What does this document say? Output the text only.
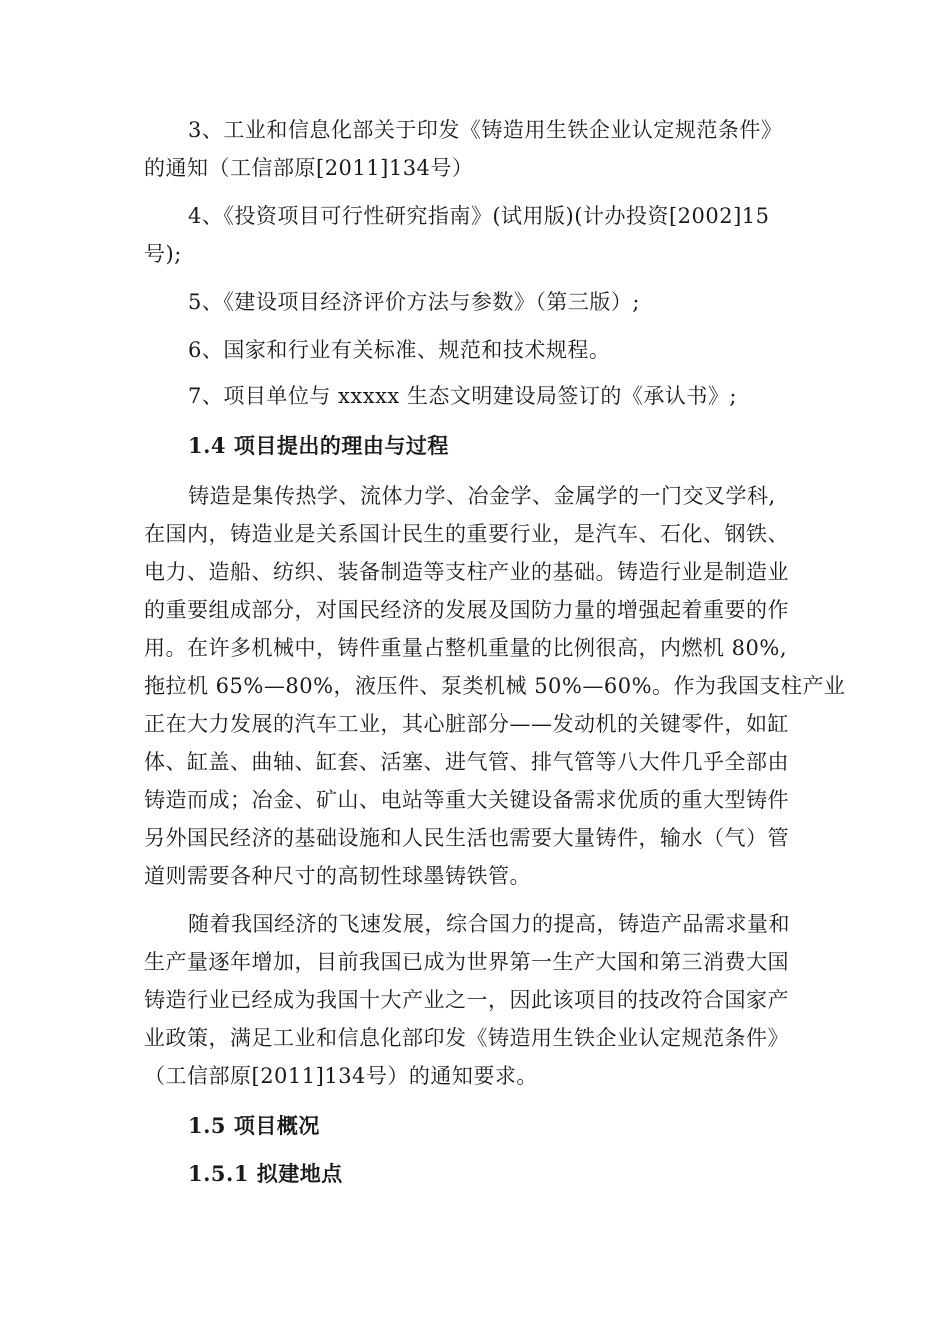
3、工业和信息化部关于印发《铸造用生铁企业认定规范条件》
的通知（工信部原[2011]134号）
4、《投资项目可行性研究指南》(试用版)(计办投资[2002]15
号);
5、《建设项目经济评价方法与参数》（第三版）;
6、国家和行业有关标准、规范和技术规程。
7、项目单位与 xxxxx 生态文明建设局签订的《承认书》;
1.4 项目提出的理由与过程
铸造是集传热学、流体力学、冶金学、金属学的一门交叉学科,
在国内，铸造业是关系国计民生的重要行业，是汽车、石化、钢铁、
电力、造船、纺织、装备制造等支柱产业的基础。铸造行业是制造业
的重要组成部分，对国民经济的发展及国防力量的增强起着重要的作
用。在许多机械中，铸件重量占整机重量的比例很高，内燃机 80%,
拖拉机 65%—80%，液压件、泵类机械 50%—60%。作为我国支柱产业
正在大力发展的汽车工业，其心脏部分——发动机的关键零件，如缸
体、缸盖、曲轴、缸套、活塞、进气管、排气管等八大件几乎全部由
铸造而成；冶金、矿山、电站等重大关键设备需求优质的重大型铸件
另外国民经济的基础设施和人民生活也需要大量铸件，输水（气）管
道则需要各种尺寸的高韧性球墨铸铁管。
随着我国经济的飞速发展，综合国力的提高，铸造产品需求量和
生产量逐年增加，目前我国已成为世界第一生产大国和第三消费大国
铸造行业已经成为我国十大产业之一，因此该项目的技改符合国家产
业政策，满足工业和信息化部印发《铸造用生铁企业认定规范条件》
（工信部原[2011]134号）的通知要求。
1.5 项目概况
1.5.1 拟建地点
